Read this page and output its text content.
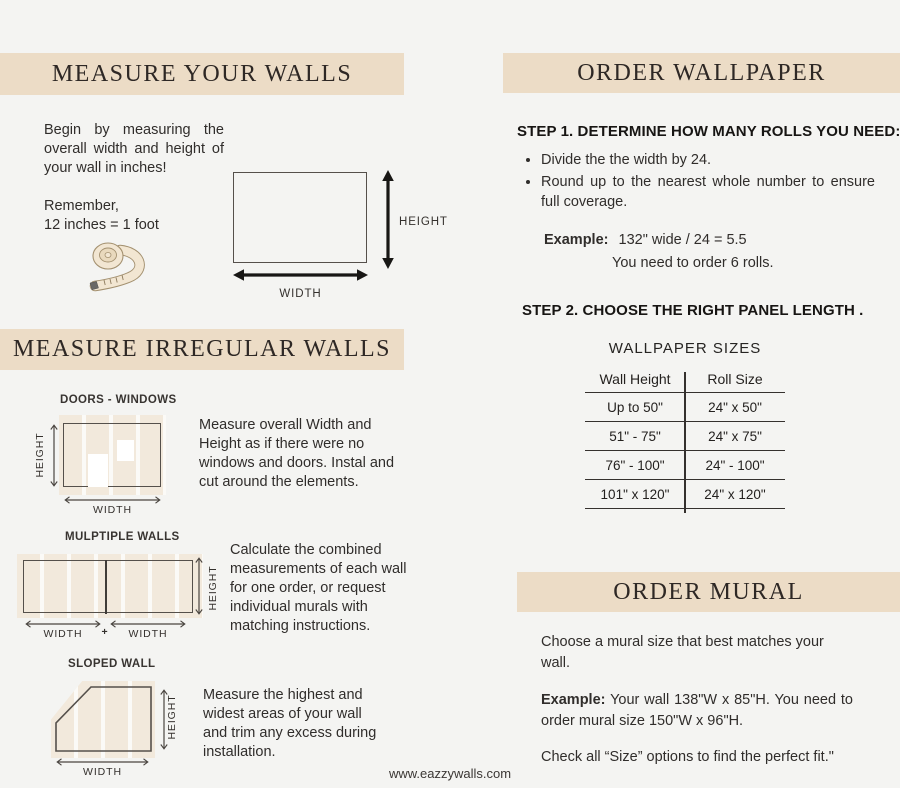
MEASURE YOUR WALLS
Begin by measuring the overall width and height of your wall in inches!
Remember,
12 inches = 1 foot	HEIGHT
WIDTH
MEASURE IRREGULAR WALLS
DOORS - WINDOWS
HEIGHT
WIDTH
Measure overall Width and Height as if there were no windows and doors. Instal and cut around the elements.
MULPTIPLE WALLS
WIDTH	+	WIDTH
HEIGHT
Calculate the combined measurements of each wall for one order, or request individual murals with matching instructions.
SLOPED WALL
HEIGHT
WIDTH
Measure the highest and widest areas of your wall and trim any excess during installation.
ORDER WALLPAPER
STEP 1. DETERMINE HOW MANY ROLLS YOU NEED:
• Divide the the width by 24.
• Round up to the nearest whole number to ensure full coverage.
Example: 132" wide / 24 = 5.5
You need to order 6 rolls.
STEP 2. CHOOSE THE RIGHT PANEL LENGTH .
WALLPAPER SIZES
Wall Height	Roll Size
Up to 50"	24" x 50"
51" - 75"	24" x 75"
76" - 100"	24" - 100"
101" x 120"	24" x 120"
ORDER MURAL
Choose a mural size that best matches your wall.
Example: Your wall 138"W x 85"H. You need to order mural size 150"W x 96"H.
Check all “Size” options to find the perfect fit."
www.eazzywalls.com
